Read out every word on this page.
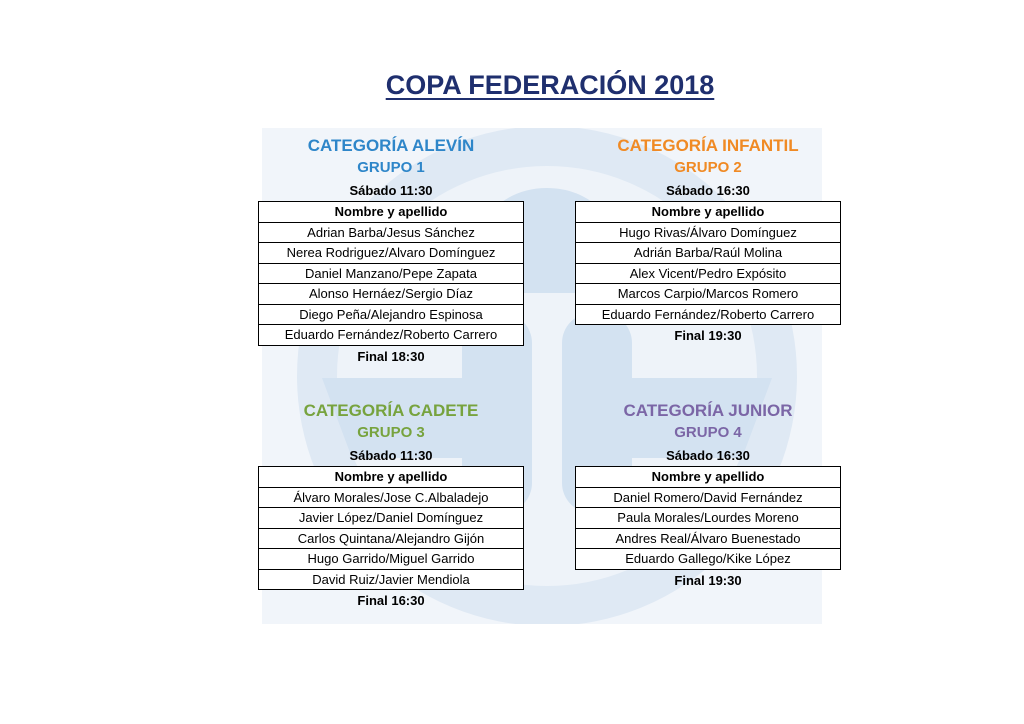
COPA FEDERACIÓN 2018
CATEGORÍA ALEVÍN
GRUPO 1
Sábado 11:30
Nombre y apellido
Adrian Barba/Jesus Sánchez
Nerea Rodriguez/Alvaro Domínguez
Daniel Manzano/Pepe Zapata
Alonso Hernáez/Sergio Díaz
Diego Peña/Alejandro Espinosa
Eduardo Fernández/Roberto Carrero
Final 18:30
CATEGORÍA INFANTIL
GRUPO 2
Sábado 16:30
Nombre y apellido
Hugo Rivas/Álvaro Domínguez
Adrián Barba/Raúl Molina
Alex Vicent/Pedro Expósito
Marcos Carpio/Marcos Romero
Eduardo Fernández/Roberto Carrero
Final 19:30
CATEGORÍA CADETE
GRUPO 3
Sábado 11:30
Nombre y apellido
Álvaro Morales/Jose C.Albaladejo
Javier López/Daniel Domínguez
Carlos Quintana/Alejandro Gijón
Hugo Garrido/Miguel Garrido
David Ruiz/Javier Mendiola
Final 16:30
CATEGORÍA JUNIOR
GRUPO 4
Sábado 16:30
Nombre y apellido
Daniel Romero/David Fernández
Paula Morales/Lourdes Moreno
Andres Real/Álvaro Buenestado
Eduardo Gallego/Kike López
Final 19:30
